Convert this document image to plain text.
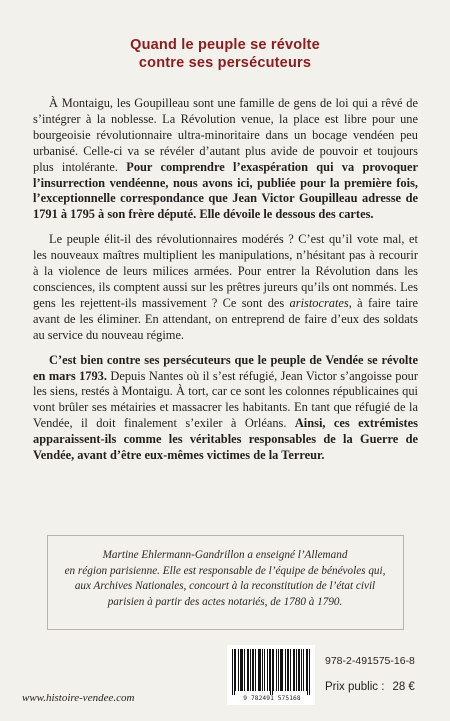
Quand le peuple se révolte
contre ses persécuteurs

À Montaigu, les Goupilleau sont une famille de gens de loi qui a rêvé de s’intégrer à la noblesse. La Révolution venue, la place est libre pour une bourgeoisie révolutionnaire ultra-minoritaire dans un bocage vendéen peu urbanisé. Celle-ci va se révéler d’autant plus avide de pouvoir et toujours plus intolérante. Pour comprendre l’exaspération qui va provoquer l’insurrection vendéenne, nous avons ici, publiée pour la première fois, l’exceptionnelle correspondance que Jean Victor Goupilleau adresse de 1791 à 1795 à son frère député. Elle dévoile le dessous des cartes.

Le peuple élit-il des révolutionnaires modérés ? C’est qu’il vote mal, et les nouveaux maîtres multiplient les manipulations, n’hésitant pas à recourir à la violence de leurs milices armées. Pour entrer la Révolution dans les consciences, ils comptent aussi sur les prêtres jureurs qu’ils ont nommés. Les gens les rejettent-ils massivement ? Ce sont des aristocrates, à faire taire avant de les éliminer. En attendant, on entreprend de faire d’eux des soldats au service du nouveau régime.

C’est bien contre ses persécuteurs que le peuple de Vendée se révolte en mars 1793. Depuis Nantes où il s’est réfugié, Jean Victor s’angoisse pour les siens, restés à Montaigu. À tort, car ce sont les colonnes républicaines qui vont brûler ses métairies et massacrer les habitants. En tant que réfugié de la Vendée, il doit finalement s’exiler à Orléans. Ainsi, ces extrémistes apparaissent-ils comme les véritables responsables de la Guerre de Vendée, avant d’être eux-mêmes victimes de la Terreur.

Martine Ehlermann-Gandrillon a enseigné l’Allemand
en région parisienne. Elle est responsable de l’équipe de bénévoles qui,
aux Archives Nationales, concourt à la reconstitution de l’état civil
parisien à partir des actes notariés, de 1780 à 1790.
9 782491 575168
978-2-491575-16-8
Prix public : 28 €
www.histoire-vendee.com
